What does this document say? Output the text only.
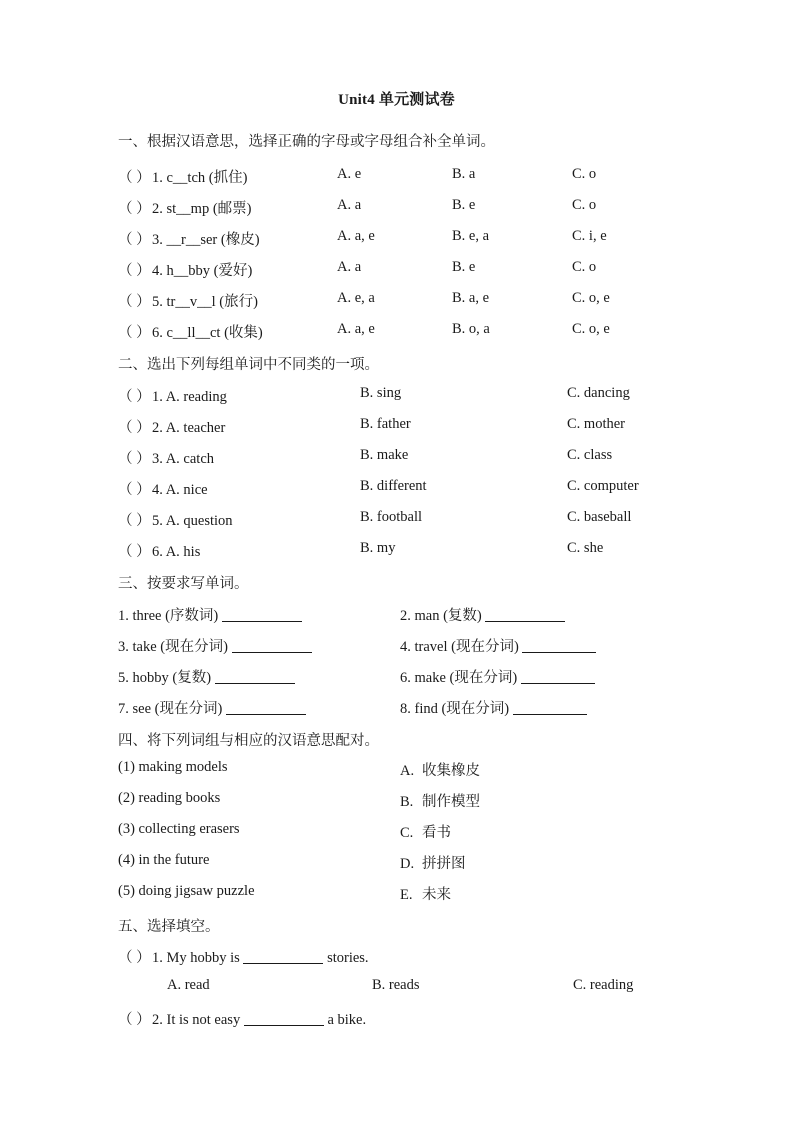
Unit4 单元测试卷
一、根据汉语意思，选择正确的字母或字母组合补全单词。
（ ）1. c__tch (抓住)	A. e	B. a	C. o
（ ）2. st__mp (邮票)	A. a	B. e	C. o
（ ）3. __r__ser (橡皮)	A. a, e	B. e, a	C. i, e
（ ）4. h__bby (爱好)	A. a	B. e	C. o
（ ）5. tr__v__l (旅行)	A. e, a	B. a, e	C. o, e
（ ）6. c__ll__ct (收集)	A. a, e	B. o, a	C. o, e
二、选出下列每组单词中不同类的一项。
（ ）1. A. reading	B. sing	C. dancing
（ ）2. A. teacher	B. father	C. mother
（ ）3. A. catch	B. make	C. class
（ ）4. A. nice	B. different	C. computer
（ ）5. A. question	B. football	C. baseball
（ ）6. A. his	B. my	C. she
三、按要求写单词。
1. three (序数词)	2. man (复数)
3. take (现在分词)	4. travel (现在分词)
5. hobby (复数)	6. make (现在分词)
7. see (现在分词)	8. find (现在分词)
四、将下列词组与相应的汉语意思配对。
(1) making models	A. 收集橡皮
(2) reading books	B. 制作模型
(3) collecting erasers	C. 看书
(4) in the future	D. 拼拼图
(5) doing jigsaw puzzle	E. 未来
五、选择填空。
（ ）1. My hobby is	stories.
A. read	B. reads	C. reading
（ ）2. It is not easy	a bike.
